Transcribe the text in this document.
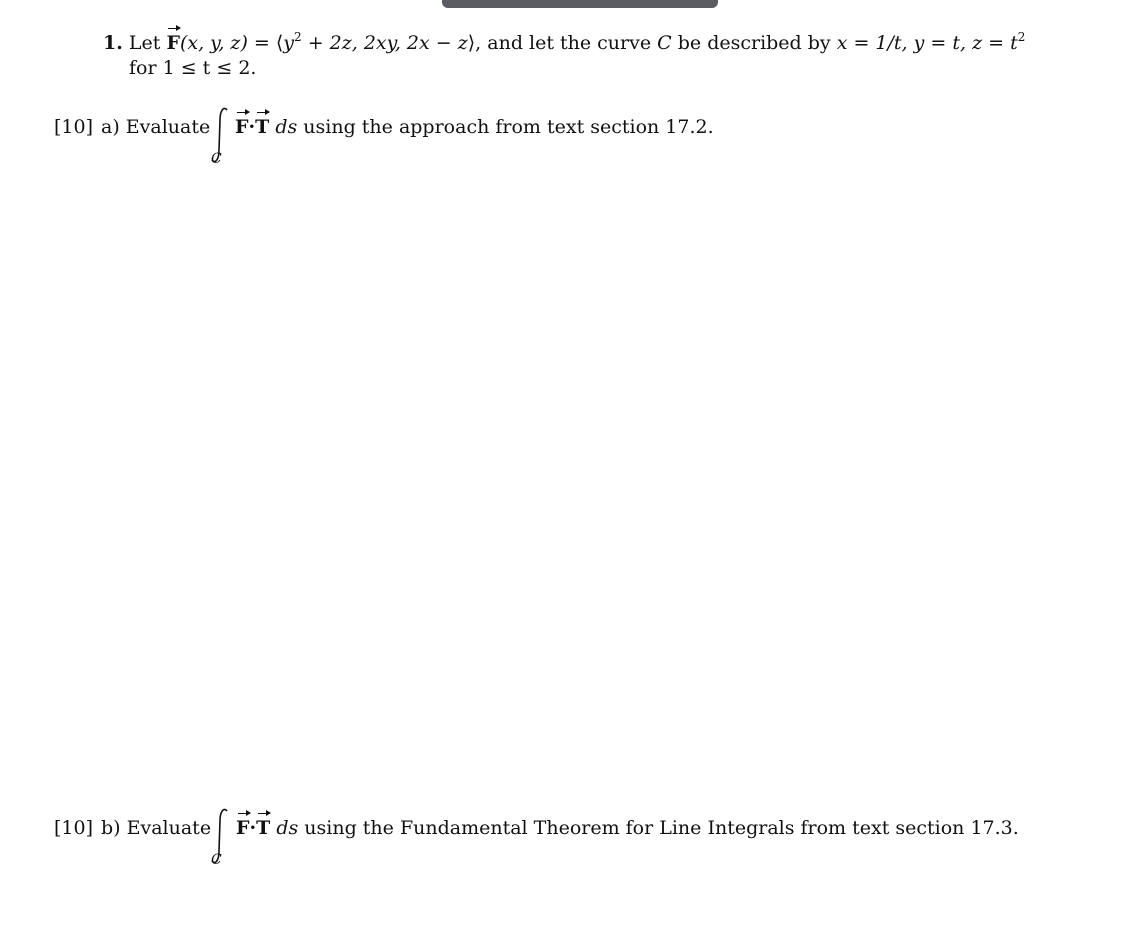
1. Let F(x, y, $z) = ⟨y^2 + 2z$, 2xy, 2x − z⟩, and let the curve C be described by x = 1/t, y = t, $z = t^2$
for 1 ≤ t ≤ 2.
[10] a) Evaluate
C
F·T ds using the approach from text section 17.2.
[10] b) Evaluate
C
F·T ds using the Fundamental Theorem for Line Integrals from text section 17.3.
